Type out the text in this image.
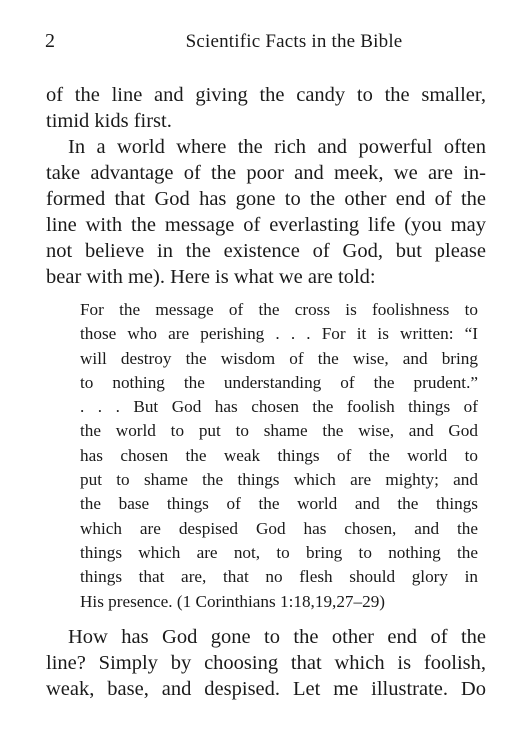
2	Scientific Facts in the Bible
of the line and giving the candy to the smaller,
timid kids first.
In a world where the rich and powerful often
take advantage of the poor and meek, we are in-
formed that God has gone to the other end of the
line with the message of everlasting life (you may
not believe in the existence of God, but please
bear with me). Here is what we are told:
For the message of the cross is foolishness to
those who are perishing . . . For it is written: “I
will destroy the wisdom of the wise, and bring
to nothing the understanding of the prudent.”
. . . But God has chosen the foolish things of
the world to put to shame the wise, and God
has chosen the weak things of the world to
put to shame the things which are mighty; and
the base things of the world and the things
which are despised God has chosen, and the
things which are not, to bring to nothing the
things that are, that no flesh should glory in
His presence. (1 Corinthians 1:18,19,27–29)
How has God gone to the other end of the
line? Simply by choosing that which is foolish,
weak, base, and despised. Let me illustrate. Do
